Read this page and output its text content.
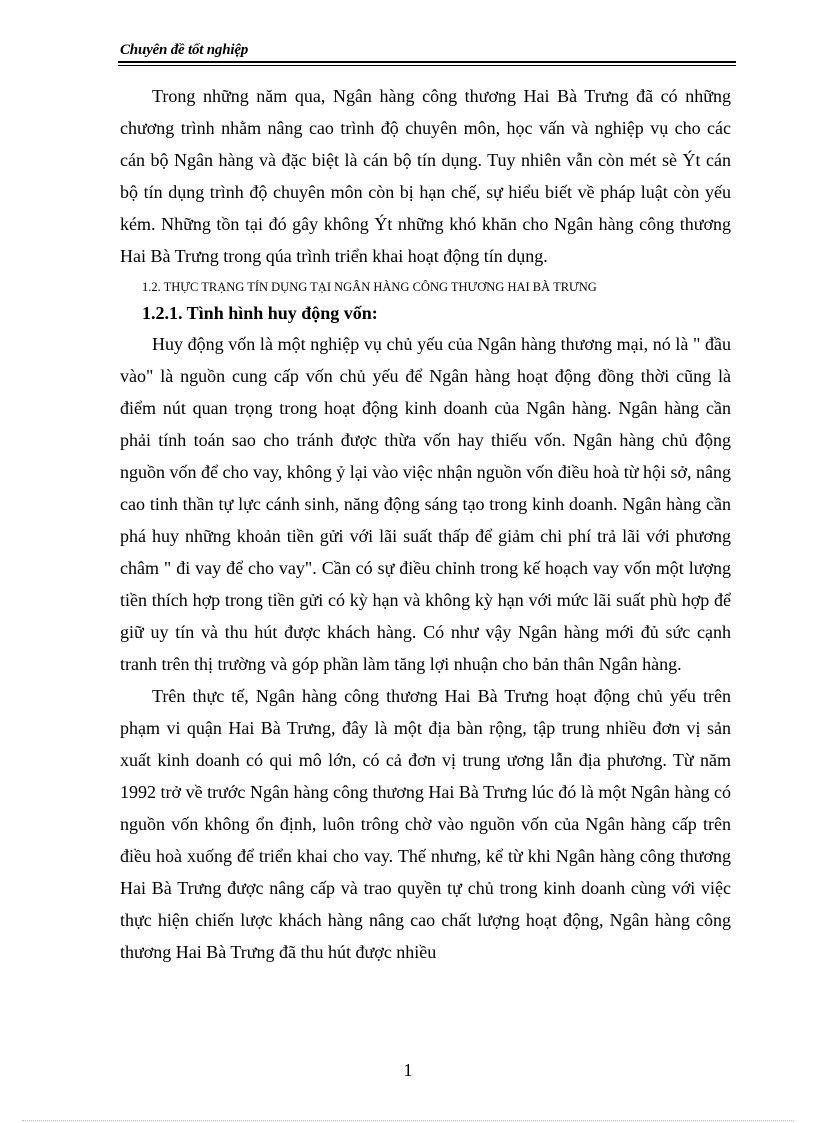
Chuyên đề tốt nghiệp

Trong những năm qua, Ngân hàng công thương Hai Bà Trưng đã có những chương trình nhằm nâng cao trình độ chuyên môn, học vấn và nghiệp vụ cho các cán bộ Ngân hàng và đặc biệt là cán bộ tín dụng. Tuy nhiên vẫn còn mét sè Ýt cán bộ tín dụng trình độ chuyên môn còn bị hạn chế, sự hiểu biết về pháp luật còn yếu kém. Những tồn tại đó gây không Ýt những khó khăn cho Ngân hàng công thương Hai Bà Trưng trong qúa trình triển khai hoạt động tín dụng.

1.2. THỰC TRẠNG TÍN DỤNG TẠI NGÂN HÀNG CÔNG THƯƠNG HAI BÀ TRƯNG
1.2.1. Tình hình huy động vốn:

Huy động vốn là một nghiệp vụ chủ yếu của Ngân hàng thương mại, nó là " đầu vào" là nguồn cung cấp vốn chủ yếu để Ngân hàng hoạt động đồng thời cũng là điểm nút quan trọng trong hoạt động kinh doanh của Ngân hàng. Ngân hàng cần phải tính toán sao cho tránh được thừa vốn hay thiếu vốn. Ngân hàng chủ động nguồn vốn để cho vay, không ỷ lại vào việc nhận nguồn vốn điều hoà từ hội sở, nâng cao tinh thần tự lực cánh sinh, năng động sáng tạo trong kinh doanh. Ngân hàng cần phá huy những khoản tiền gửi với lãi suất thấp để giảm chi phí trả lãi với phương châm " đi vay để cho vay". Cần có sự điều chỉnh trong kế hoạch vay vốn một lượng tiền thích hợp trong tiền gửi có kỳ hạn và không kỳ hạn với mức lãi suất phù hợp để giữ uy tín và thu hút được khách hàng. Có như vậy Ngân hàng mới đủ sức cạnh tranh trên thị trường và góp phần làm tăng lợi nhuận cho bản thân Ngân hàng.

Trên thực tế, Ngân hàng công thương Hai Bà Trưng hoạt động chủ yếu trên phạm vi quận Hai Bà Trưng, đây là một địa bàn rộng, tập trung nhiều đơn vị sản xuất kinh doanh có qui mô lớn, có cả đơn vị trung ương lẫn địa phương. Từ năm 1992 trở về trước Ngân hàng công thương Hai Bà Trưng lúc đó là một Ngân hàng có nguồn vốn không ổn định, luôn trông chờ vào nguồn vốn của Ngân hàng cấp trên điều hoà xuống để triển khai cho vay. Thế nhưng, kể từ khi Ngân hàng công thương Hai Bà Trưng được nâng cấp và trao quyền tự chủ trong kinh doanh cùng với việc thực hiện chiến lược khách hàng nâng cao chất lượng hoạt động, Ngân hàng công thương Hai Bà Trưng đã thu hút được nhiều

1
